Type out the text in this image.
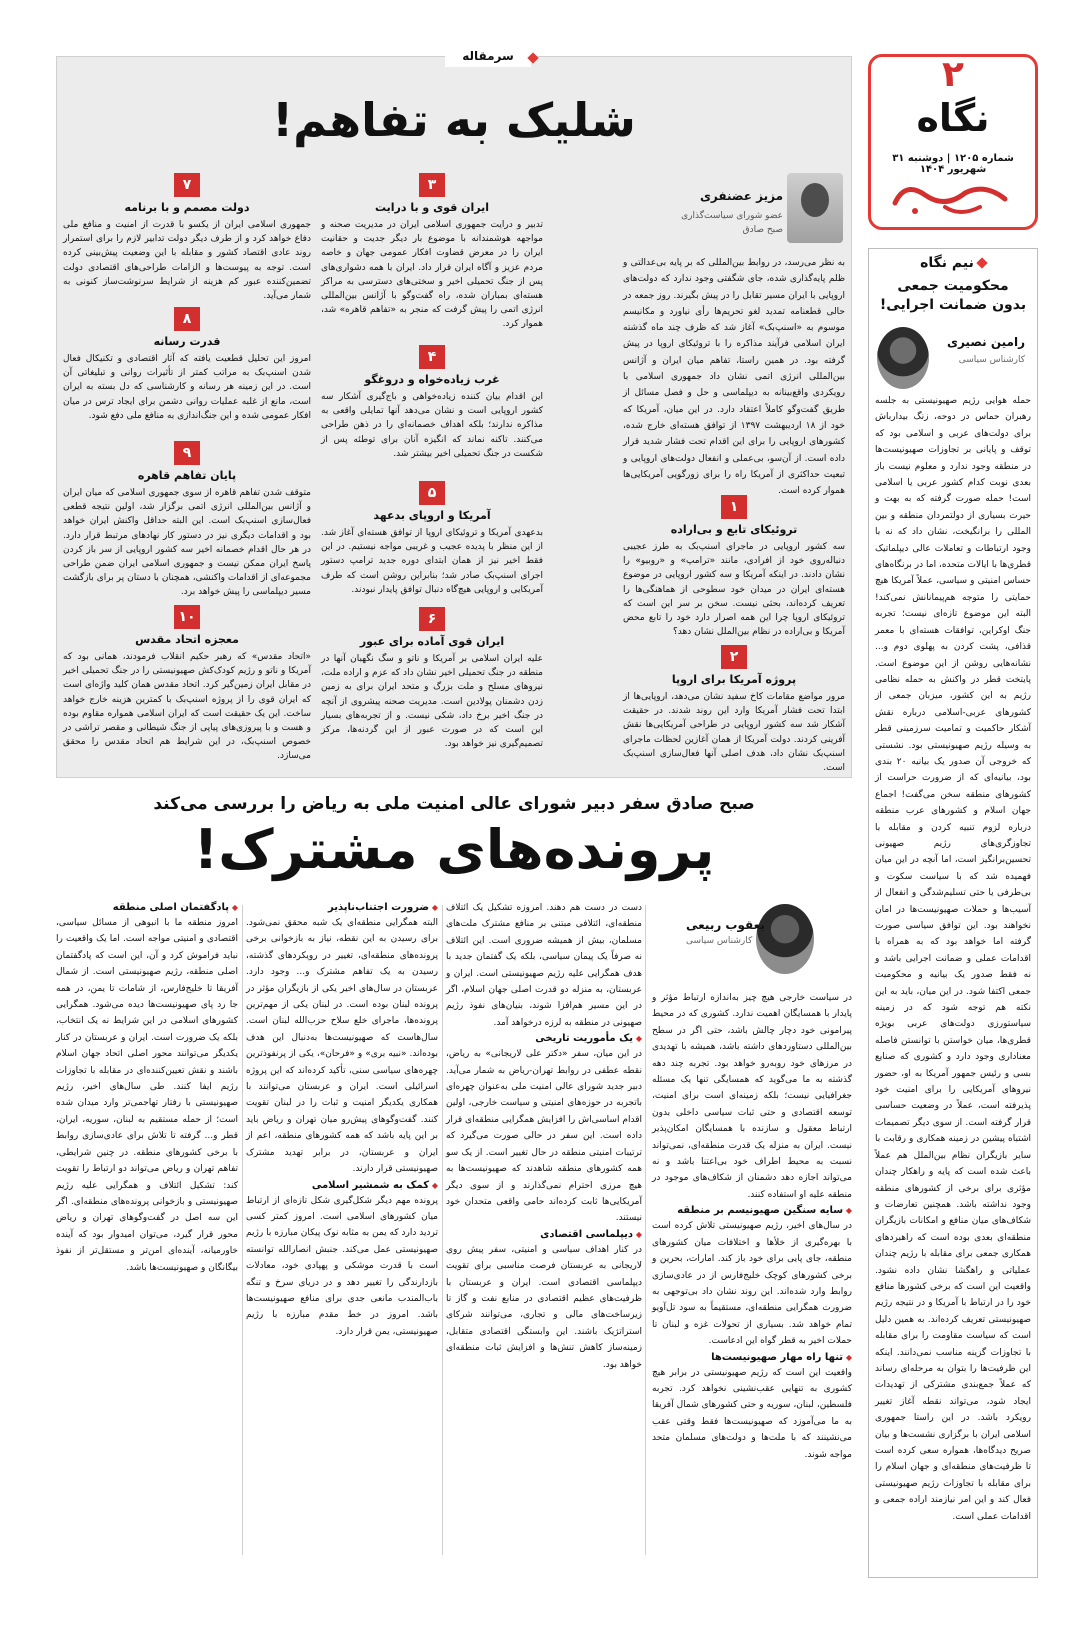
۲
نگاه
شماره ۱۲۰۵ | دوشنبه ۳۱ شهریور ۱۴۰۴
نیم نگاه
محکومیت جمعی
بدون ضمانت اجرایی!
رامین نصیری
کارشناس سیاسی
حمله هوایی رژیم صهیونیستی به جلسه رهبران حماس در دوحه، زنگ بیدارباش برای دولت‌های عربی و اسلامی بود که توقف و پایانی بر تجاوزات صهیونیست‌ها در منطقه وجود ندارد و معلوم نیست باز بعدی نوبت کدام کشور عربی یا اسلامی است! حمله صورت گرفته که به بهت و حیرت بسیاری از دولتمردان منطقه و بین المللی را برانگیخت، نشان داد که نه با وجود ارتباطات و تعاملات عالی دیپلماتیک قطری‌ها با ایالات متحده، اما در برنگاه‌های حساس امنیتی و سیاسی، عملاً آمریکا هیچ حمایتی را متوجه هم‌پیمانانش نمی‌کند! البته این موضوع تازه‌ای نیست؛ تجربه جنگ اوکراین، توافقات هسته‌ای با معمر قذافی، پشت کردن به پهلوی دوم و... نشانه‌هایی روشن از این موضوع است. پایتخت قطر در واکنش به حمله نظامی رژیم به این کشور، میزبان جمعی از کشورهای عربی-اسلامی درباره نقش آشکار حاکمیت و تمامیت سرزمینی قطر به وسیله رژیم صهیونیستی بود. نشستی که خروجی آن صدور یک بیانیه ۲۰ بندی بود، بیانیه‌ای که از ضرورت حراست از کشورهای منطقه سخن می‌گفت! اجماع جهان اسلام و کشورهای عرب منطقه درباره لزوم تنبیه کردن و مقابله با تجاوزگری‌های رژیم صهیونی تحسین‌برانگیز است، اما آنچه در این میان فهمیده شد که با سیاست سکوت و بی‌طرفی یا حتی تسلیم‌شدگی و انفعال از آسیب‌ها و حملات صهیونیست‌ها در امان نخواهند بود. این توافق سیاسی صورت گرفته اما خواهد بود که به همراه با اقدامات عملی و ضمانت اجرایی باشد و نه فقط صدور یک بیانیه و محکومیت جمعی اکتفا شود. در این میان، باید به این نکته هم توجه شود که در زمینه سیاستورزی دولت‌های عربی بویژه قطری‌ها، میان خواستن با توانستن فاصله معناداری وجود دارد و کشوری که صنایع بسی و رئیس جمهور آمریکا به او، حضور نیروهای آمریکایی را برای امنیت خود پذیرفته است، عملاً در وضعیت حساسی قرار گرفته است. از سوی دیگر تصمیمات اشتباه پیشین در زمینه همکاری و رقابت با سایر بازیگران نظام بین‌الملل هم عملاً باعث شده است که پایه و راهکار چندان مؤثری برای برخی از کشورهای منطقه وجود نداشته باشد. همچنین تعارضات و شکاف‌های میان منافع و امکانات بازیگران منطقه‌ای بعدی بوده است که راهبردهای همکاری جمعی برای مقابله با رژیم چندان عملیاتی و راهگشا نشان داده نشود. واقعیت این است که برخی کشورها منافع خود را در ارتباط با آمریکا و در نتیجه رژیم صهیونیستی تعریف کرده‌اند. به همین دلیل است که سیاست مقاومت را برای مقابله با تجاوزات گزینه مناسب نمی‌دانند. اینکه این ظرفیت‌ها را بتوان به مرحله‌ای رساند که عملاً جمع‌بندی مشترکی از تهدیدات ایجاد شود، می‌تواند نقطه آغاز تغییر رویکرد باشد. در این راستا جمهوری اسلامی ایران با برگزاری نشست‌ها و بیان صریح دیدگاه‌ها، همواره سعی کرده است تا ظرفیت‌های منطقه‌ای و جهان اسلام را برای مقابله با تجاوزات رژیم صهیونیستی فعال کند و این امر نیازمند اراده جمعی و اقدامات عملی است.
سرمقاله
شلیک به تفاهم!
مزیز عضنفری
عضو شورای سیاست‌گذاری صبح صادق
به نظر می‌رسد، در روابط بین‌المللی که بر پایه بی‌عدالتی و ظلم پایه‌گذاری شده، جای شگفتی وجود ندارد که دولت‌های اروپایی با ایران مسیر تقابل را در پیش بگیرند. روز جمعه در حالی قطعنامه تمدید لغو تحریم‌ها رأی نیاورد و مکانیسم موسوم به «اسنپ‌بک» آغاز شد که ظرف چند ماه گذشته ایران اسلامی فرآیند مذاکره را با تروئیکای اروپا در پیش گرفته بود. در همین راستا، تفاهم میان ایران و آژانس بین‌المللی انرژی اتمی نشان داد جمهوری اسلامی با رویکردی واقع‌بینانه به دیپلماسی و حل و فصل مسائل از طریق گفت‌وگو کاملاً اعتقاد دارد. در این میان، آمریکا که خود از ۱۸ اردیبهشت ۱۳۹۷ از توافق هسته‌ای خارج شده، کشورهای اروپایی را برای این اقدام تحت فشار شدید قرار داده است. از آن‌سو، بی‌عملی و انفعال دولت‌های اروپایی و تبعیت حداکثری از آمریکا راه را برای زورگویی آمریکایی‌ها هموار کرده است.
۱
تروئیکای تابع و بی‌اراده
سه کشور اروپایی در ماجرای اسنپ‌بک به طرز عجیبی دنباله‌روی خود از افرادی، مانند «ترامپ» و «روبیو» را نشان دادند. در اینکه آمریکا و سه کشور اروپایی در موضوع هسته‌ای ایران در میدان خود سطوحی از هماهنگی‌ها را تعریف کرده‌اند، بحثی نیست. سخن بر سر این است که تروئیکای اروپا چرا این همه اصرار دارد خود را تابع محض آمریکا و بی‌اراده در نظام بین‌الملل نشان دهد؟
۲
پروژه آمریکا برای اروپا
مرور مواضع مقامات کاخ سفید نشان می‌دهد، اروپایی‌ها از ابتدا تحت فشار آمریکا وارد این روند شدند. در حقیقت آشکار شد سه کشور اروپایی در طراحی آمریکایی‌ها نقش آفرینی کردند. دولت آمریکا از همان آغازین لحظات ماجرای اسنپ‌بک نشان داد، هدف اصلی آنها فعال‌سازی اسنپ‌بک است.
۳
ایران قوی و با درایت
تدبیر و درایت جمهوری اسلامی ایران در مدیریت صحنه و مواجهه هوشمندانه با موضوع بار دیگر جدیت و حقانیت ایران را در معرض قضاوت افکار عمومی جهان و خاصه مردم عزیز و آگاه ایران قرار داد. ایران با همه دشواری‌های پس از جنگ تحمیلی اخیر و سختی‌های دسترسی به مراکز هسته‌ای بمباران شده، راه گفت‌وگو با آژانس بین‌المللی انرژی اتمی را پیش گرفت که منجر به «تفاهم قاهره» شد، هموار کرد.
۴
غرب زیاده‌خواه و دروغگو
این اقدام بیان کننده زیاده‌خواهی و باج‌گیری آشکار سه کشور اروپایی است و نشان می‌دهد آنها تمایلی واقعی به مذاکره ندارند؛ بلکه اهداف خصمانه‌ای را در ذهن طراحی می‌کنند. تاکنه نماند که انگیزه آنان برای توطئه پس از شکست در جنگ تحمیلی اخیر بیشتر شد.
۵
آمریکا و اروپای بدعهد
بدعهدی آمریکا و تروئیکای اروپا از توافق هسته‌ای آغاز شد. از این منظر با پدیده عجیب و غریبی مواجه نیستیم. در این فقط اخیر نیز از همان ابتدای دوره جدید ترامپ دستور اجرای اسنپ‌بک صادر شد؛ بنابراین روشن است که طرف آمریکایی و اروپایی هیچ‌گاه دنبال توافق پایدار نبودند.
۶
ایران قوی آماده برای عبور
علیه ایران اسلامی بر آمریکا و ناتو و سگ نگهبان آنها در منطقه در جنگ تحمیلی اخیر نشان داد که عزم و اراده ملت، نیروهای مسلح و ملت بزرگ و متحد ایران برای به زمین زدن دشمنان پولادین است. مدیریت صحنه پیشروی از آنچه در جنگ اخیر برخ داد، شکی نیست. و از تجربه‌های بسیار این است که در صورت عبور از این گردنه‌ها، مرکز تصمیم‌گیری نیز خواهد بود.
۷
دولت مصمم و با برنامه
جمهوری اسلامی ایران از یکسو با قدرت از امنیت و منافع ملی دفاع خواهد کرد و از طرف دیگر دولت تدابیر لازم را برای استمرار روند عادی اقتصاد کشور و مقابله با این وضعیت پیش‌بینی کرده است. توجه به پیوست‌ها و الزامات طراحی‌های اقتصادی دولت تضمین‌کننده عبور کم هزینه از شرایط سرنوشت‌ساز کنونی به شمار می‌آید.
۸
قدرت رسانه
امروز این تحلیل قطعیت یافته که آثار اقتصادی و تکنیکال فعال شدن اسنپ‌بک به مراتب کمتر از تأثیرات روانی و تبلیغاتی آن است. در این زمینه هر رسانه و کارشناسی که دل بسته به ایران است، مانع از غلبه عملیات روانی دشمن برای ایجاد ترس در میان افکار عمومی شده و این جنگ‌اندازی به منافع ملی دفع شود.
۹
پایان تفاهم قاهره
متوقف شدن تفاهم قاهره از سوی جمهوری اسلامی که میان ایران و آژانس بین‌المللی انرژی اتمی برگزار شد، اولین نتیجه قطعی فعال‌سازی اسنپ‌بک است. این البته حداقل واکنش ایران خواهد بود و اقدامات دیگری نیز در دستور کار نهادهای مرتبط قرار دارد. در هر حال اقدام خصمانه اخیر سه کشور اروپایی از سر باز کردن پاسخ ایران ممکن نیست و جمهوری اسلامی ایران ضمن طراحی مجموعه‌ای از اقدامات واکنشی، همچنان با دستان پر برای بازگشت مسیر دیپلماسی را پیش خواهد برد.
۱۰
معجزه اتحاد مقدس
«اتحاد مقدس» که رهبر حکیم انقلاب فرمودند، همانی بود که آمریکا و ناتو و رژیم کودک‌کش صهیونیستی را در جنگ تحمیلی اخیر در مقابل ایران زمین‌گیر کرد. اتحاد مقدس همان کلید واژه‌ای است که ایران قوی را از پروژه اسنپ‌بک با کمترین هزینه خارج خواهد ساخت. این یک حقیقت است که ایران اسلامی همواره مقاوم بوده و هست و با پیروزی‌های پیاپی از جنگ شیطانی و مقصر تراشی در خصوص اسنپ‌بک، در این شرایط هم اتحاد مقدس را محقق می‌سازد.
صبح صادق سفر دبیر شورای عالی امنیت ملی به ریاض را بررسی می‌کند
پرونده‌های مشترک!
یعقوب ربیعی
کارشناس سیاسی
در سیاست خارجی هیچ چیز به‌اندازه ارتباط مؤثر و پایدار با همسایگان اهمیت ندارد. کشوری که در محیط پیرامونی خود دچار چالش باشد، حتی اگر در سطح بین‌المللی دستاوردهای داشته باشد، همیشه با تهدیدی در مرزهای خود روبه‌رو خواهد بود. تجربه چند دهه گذشته به ما می‌گوید که همسایگی تنها یک مسئله جغرافیایی نیست؛ بلکه زمینه‌ای است برای امنیت، توسعه اقتصادی و حتی ثبات سیاسی داخلی بدون ارتباط معقول و سازنده با همسایگان امکان‌پذیر نیست. ایران به منزله یک قدرت منطقه‌ای، نمی‌تواند نسبت به محیط اطراف خود بی‌اعتنا باشد و نه می‌تواند اجازه دهد دشمنان از شکاف‌های موجود در منطقه علیه او استفاده کنند.
◆ سایه سنگین صهیونیسم بر منطقه
در سال‌های اخیر، رژیم صهیونیستی تلاش کرده است با بهره‌گیری از خلأها و اختلافات میان کشورهای منطقه، جای پایی برای خود باز کند. امارات، بحرین و برخی کشورهای کوچک خلیج‌فارس از در عادی‌سازی روابط وارد شده‌اند. این روند نشان داد بی‌توجهی به ضرورت همگرایی منطقه‌ای، مستقیماً به سود تل‌آویو تمام خواهد شد. بسیاری از تحولات غزه و لبنان تا حملات اخیر به قطر گواه این ادعاست.
◆ تنها راه مهار صهیونیست‌ها
واقعیت این است که رژیم صهیونیستی در برابر هیچ کشوری به تنهایی عقب‌نشینی نخواهد کرد. تجربه فلسطین، لبنان، سوریه و حتی کشورهای شمال آفریقا به ما می‌آموزد که صهیونیست‌ها فقط وقتی عقب می‌نشینند که با ملت‌ها و دولت‌های مسلمان متحد مواجه شوند.
دست در دست هم دهند. امروزه تشکیل یک ائتلاف منطقه‌ای، ائتلافی مبتنی بر منافع مشترک ملت‌های مسلمان، بیش از همیشه ضروری است. این ائتلاف نه صرفاً یک پیمان سیاسی، بلکه یک گفتمان جدید با هدف همگرایی علیه رژیم صهیونیستی است. ایران و عربستان، به منزله دو قدرت اصلی جهان اسلام، اگر در این مسیر هم‌افزا شوند، بنیان‌های نفوذ رژیم صهیونی در منطقه به لرزه درخواهد آمد.
◆ یک مأموریت تاریخی
در این میان، سفر «دکتر علی لاریجانی» به ریاض، نقطه عطفی در روابط تهران-ریاض به شمار می‌آید. دبیر جدید شورای عالی امنیت ملی به‌عنوان چهره‌ای باتجربه در حوزه‌های امنیتی و سیاست خارجی، اولین اقدام اساسی‌اش را افزایش همگرایی منطقه‌ای قرار داده است. این سفر در حالی صورت می‌گیرد که ترتیبات امنیتی منطقه در حال تغییر است. از یک سو همه کشورهای منطقه شاهدند که صهیونیست‌ها به هیچ مرزی احترام نمی‌گذارند و از سوی دیگر آمریکایی‌ها ثابت کرده‌اند حامی واقعی متحدان خود نیستند.
◆ دیپلماسی اقتصادی
در کنار اهداف سیاسی و امنیتی، سفر پیش روی لاریجانی به عربستان فرصت مناسبی برای تقویت دیپلماسی اقتصادی است. ایران و عربستان با ظرفیت‌های عظیم اقتصادی در منابع نفت و گاز تا زیرساخت‌های مالی و تجاری، می‌توانند شرکای استراتژیک باشند. این وابستگی اقتصادی متقابل، زمینه‌ساز کاهش تنش‌ها و افزایش ثبات منطقه‌ای خواهد بود.
◆ ضرورت اجتناب‌ناپذیر
البته همگرایی منطقه‌ای یک شبه محقق نمی‌شود. برای رسیدن به این نقطه، نیاز به بازخوانی برخی پرونده‌های منطقه‌ای، تغییر در رویکردهای گذشته، رسیدن به یک تفاهم مشترک و... وجود دارد. عربستان در سال‌های اخیر یکی از بازیگران مؤثر در پرونده لبنان بوده است. در لبنان یکی از مهم‌ترین پرونده‌ها، ماجرای خلع سلاح حزب‌الله لبنان است. سال‌هاست که صهیونیست‌ها به‌دنبال این هدف بوده‌اند. «نبیه بری» و «فرحان»، یکی از پرنفوذترین چهره‌های سیاسی سنی، تأکید کرده‌اند که این پروژه اسرائیلی است. ایران و عربستان می‌توانند با همکاری یکدیگر امنیت و ثبات را در لبنان تقویت کنند. گفت‌وگوهای پیش‌رو میان تهران و ریاض باید بر این پایه باشد که همه کشورهای منطقه، اعم از ایران و عربستان، در برابر تهدید مشترک صهیونیستی قرار دارند.
◆ کمک به شمشیر اسلامی
پرونده مهم دیگر شکل‌گیری شکل تازه‌ای از ارتباط میان کشورهای اسلامی است. امروز کمتر کسی تردید دارد که یمن به مثابه نوک پیکان مبارزه با رژیم صهیونیستی عمل می‌کند. جنبش انصارالله توانسته است با قدرت موشکی و پهپادی خود، معادلات بازدارندگی را تغییر دهد و در دریای سرخ و تنگه باب‌المندب مانعی جدی برای منافع صهیونیست‌ها باشد. امروز در خط مقدم مبارزه با رژیم صهیونیستی، یمن قرار دارد.
◆ پادگفتمان اصلی منطقه
امروز منطقه ما با انبوهی از مسائل سیاسی، اقتصادی و امنیتی مواجه است. اما یک واقعیت را نباید فراموش کرد و آن، این است که پادگفتمان اصلی منطقه، رژیم صهیونیستی است. از شمال آفریقا تا خلیج‌فارس، از شامات تا یمن، در همه جا رد پای صهیونیست‌ها دیده می‌شود. همگرایی کشورهای اسلامی در این شرایط نه یک انتخاب، بلکه یک ضرورت است. ایران و عربستان در کنار یکدیگر می‌توانند محور اصلی اتحاد جهان اسلام باشند و نقش تعیین‌کننده‌ای در مقابله با تجاوزات رژیم ایفا کنند. طی سال‌های اخیر، رژیم صهیونیستی با رفتار تهاجمی‌تر وارد میدان شده است؛ از حمله مستقیم به لبنان، سوریه، ایران، قطر و... گرفته تا تلاش برای عادی‌سازی روابط با برخی کشورهای منطقه. در چنین شرایطی، تفاهم تهران و ریاض می‌تواند دو ارتباط را تقویت کند: تشکیل ائتلاف و همگرایی علیه رژیم صهیونیستی و بازخوانی پرونده‌های منطقه‌ای. اگر این سه اصل در گفت‌وگوهای تهران و ریاض محور قرار گیرد، می‌توان امیدوار بود که آینده خاورمیانه، آینده‌ای امن‌تر و مستقل‌تر از نفوذ بیگانگان و صهیونیست‌ها باشد.
